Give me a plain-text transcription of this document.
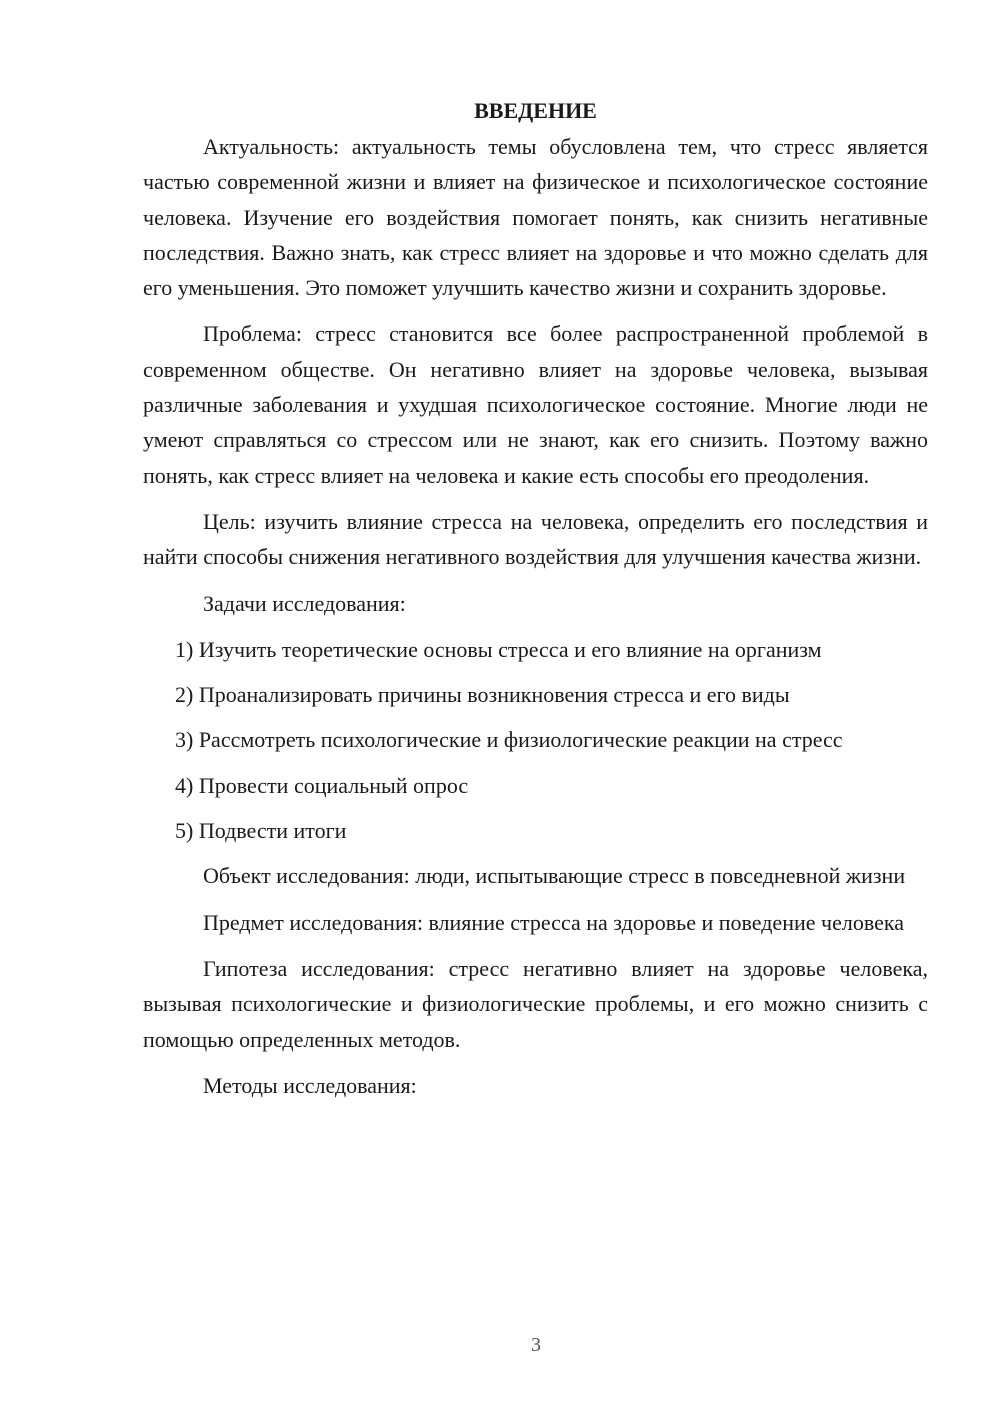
ВВЕДЕНИЕ

Актуальность: актуальность темы обусловлена тем, что стресс является частью современной жизни и влияет на физическое и психологическое состояние человека. Изучение его воздействия помогает понять, как снизить негативные последствия. Важно знать, как стресс влияет на здоровье и что можно сделать для его уменьшения. Это поможет улучшить качество жизни и сохранить здоровье.

Проблема: стресс становится все более распространенной проблемой в современном обществе. Он негативно влияет на здоровье человека, вызывая различные заболевания и ухудшая психологическое состояние. Многие люди не умеют справляться со стрессом или не знают, как его снизить. Поэтому важно понять, как стресс влияет на человека и какие есть способы его преодоления.

Цель: изучить влияние стресса на человека, определить его последствия и найти способы снижения негативного воздействия для улучшения качества жизни.

Задачи исследования:

1) Изучить теоретические основы стресса и его влияние на организм
2) Проанализировать причины возникновения стресса и его виды
3) Рассмотреть психологические и физиологические реакции на стресс
4) Провести социальный опрос
5) Подвести итоги

Объект исследования: люди, испытывающие стресс в повседневной жизни

Предмет исследования: влияние стресса на здоровье и поведение человека

Гипотеза исследования: стресс негативно влияет на здоровье человека, вызывая психологические и физиологические проблемы, и его можно снизить с помощью определенных методов.

Методы исследования:

3
